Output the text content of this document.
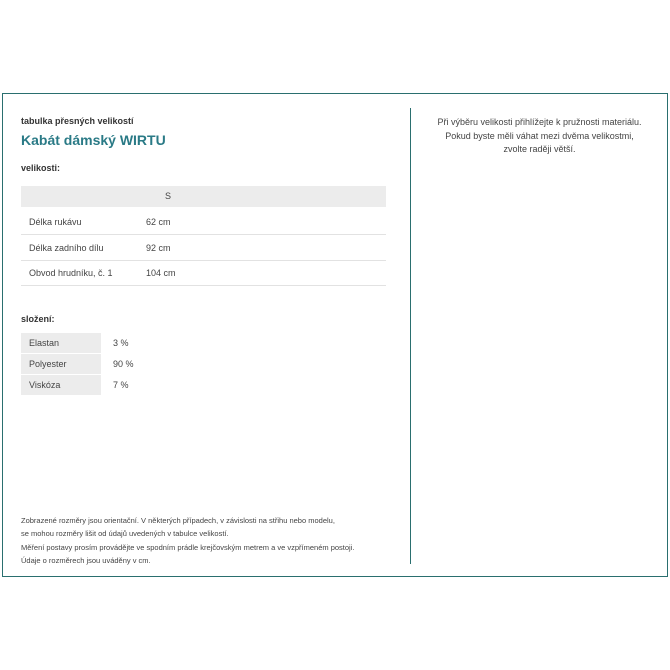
tabulka přesných velikostí
Kabát dámský WIRTU
velikosti:
S
Délka rukávu	62 cm
Délka zadního dílu	92 cm
Obvod hrudníku, č. 1	104 cm
složení:
Elastan	3 %
Polyester	90 %
Viskóza	7 %
Zobrazené rozměry jsou orientační. V některých případech, v závislosti na střihu nebo modelu,
se mohou rozměry lišit od údajů uvedených v tabulce velikostí.
Měření postavy prosím provádějte ve spodním prádle krejčovským metrem a ve vzpřímeném postoji.
Údaje o rozměrech jsou uváděny v cm.
Při výběru velikosti přihlížejte k pružnosti materiálu.
Pokud byste měli váhat mezi dvěma velikostmi,
zvolte raději větší.
